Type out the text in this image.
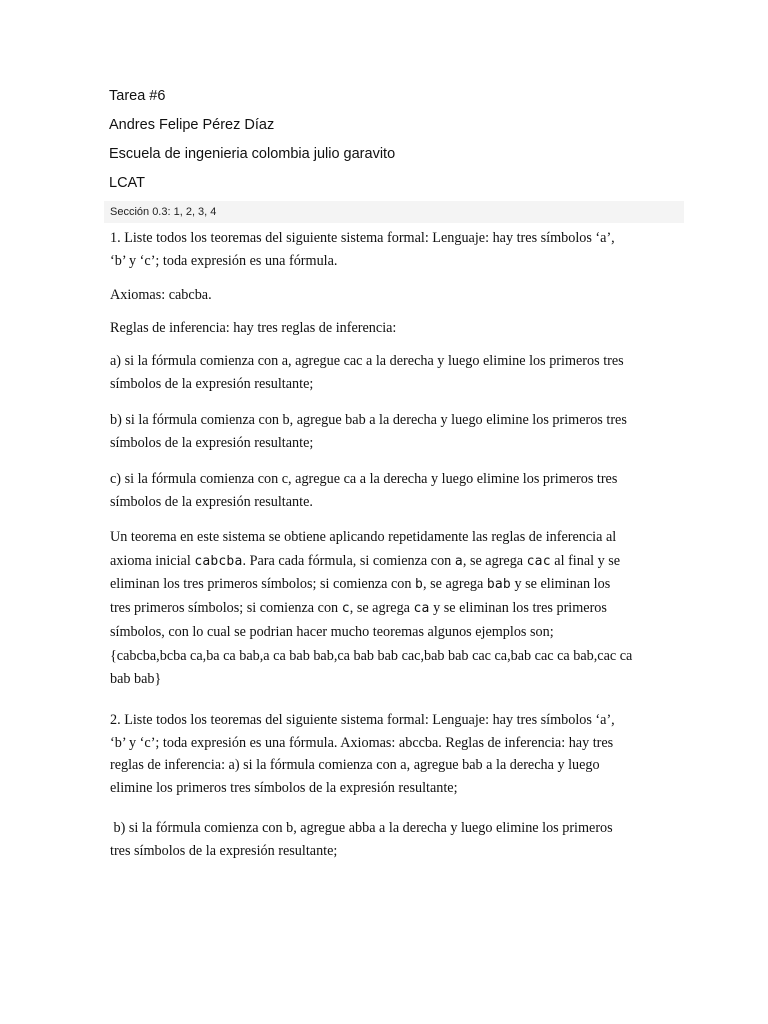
Tarea #6
Andres Felipe Pérez Díaz
Escuela de ingenieria colombia julio garavito
LCAT
Sección 0.3: 1, 2, 3, 4
1. Liste todos los teoremas del siguiente sistema formal: Lenguaje: hay tres símbolos ‘a’,
‘b’ y ‘c’; toda expresión es una fórmula.
Axiomas: cabcba.
Reglas de inferencia: hay tres reglas de inferencia:
a) si la fórmula comienza con a, agregue cac a la derecha y luego elimine los primeros tres
símbolos de la expresión resultante;
b) si la fórmula comienza con b, agregue bab a la derecha y luego elimine los primeros tres
símbolos de la expresión resultante;
c) si la fórmula comienza con c, agregue ca a la derecha y luego elimine los primeros tres
símbolos de la expresión resultante.
Un teorema en este sistema se obtiene aplicando repetidamente las reglas de inferencia al
axioma inicial cabcba. Para cada fórmula, si comienza con a, se agrega cac al final y se
eliminan los tres primeros símbolos; si comienza con b, se agrega bab y se eliminan los
tres primeros símbolos; si comienza con c, se agrega ca y se eliminan los tres primeros
símbolos, con lo cual se podrian hacer mucho teoremas algunos ejemplos son;
{cabcba,bcba ca,ba ca bab,a ca bab bab,ca bab bab cac,bab bab cac ca,bab cac ca bab,cac ca
bab bab}
2. Liste todos los teoremas del siguiente sistema formal: Lenguaje: hay tres símbolos ‘a’,
‘b’ y ‘c’; toda expresión es una fórmula. Axiomas: abccba. Reglas de inferencia: hay tres
reglas de inferencia: a) si la fórmula comienza con a, agregue bab a la derecha y luego
elimine los primeros tres símbolos de la expresión resultante;
b) si la fórmula comienza con b, agregue abba a la derecha y luego elimine los primeros
tres símbolos de la expresión resultante;
